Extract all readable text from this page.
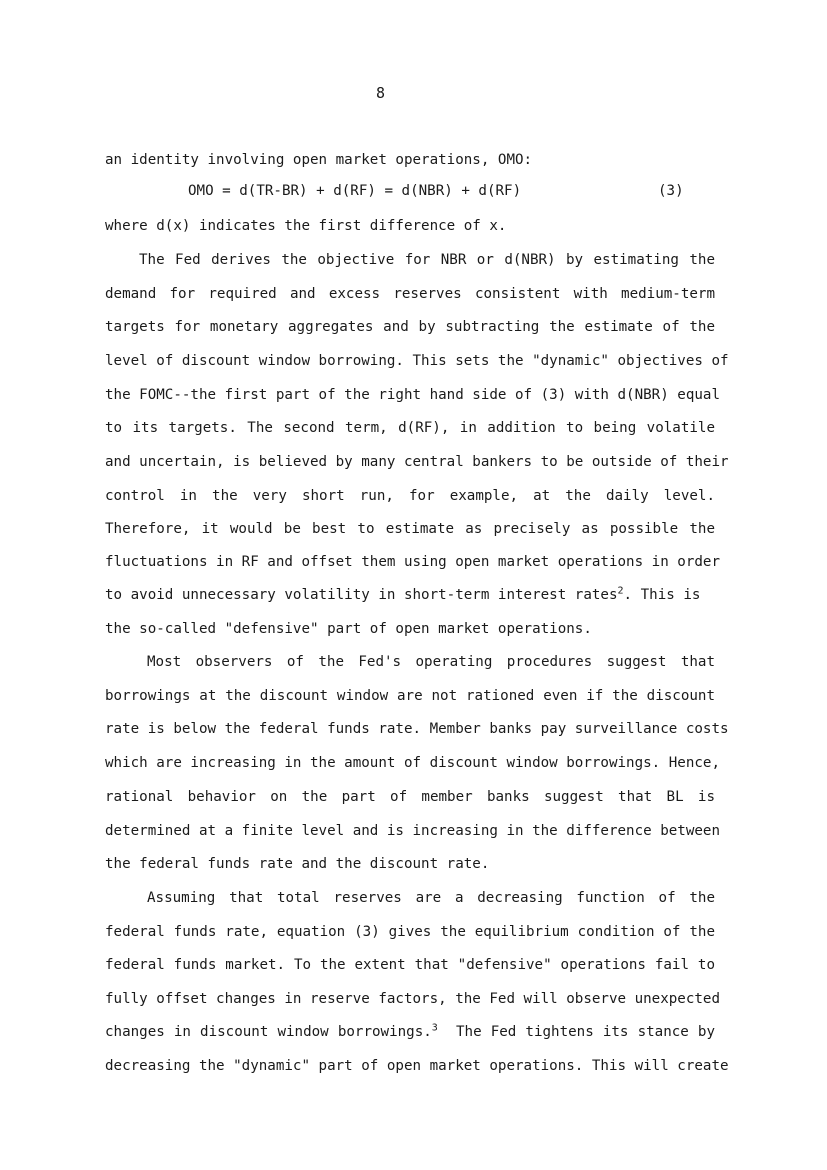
8
an identity involving open market operations, OMO:
OMO = d(TR-BR) + d(RF) = d(NBR) + d(RF)	(3)
where d(x) indicates the first difference of x.
The Fed derives the objective for NBR or d(NBR) by estimating the
demand for required and excess reserves consistent with medium-term
targets for monetary aggregates and by subtracting the estimate of the
level of discount window borrowing. This sets the "dynamic" objectives of
the FOMC--the first part of the right hand side of (3) with d(NBR) equal
to its targets. The second term, d(RF), in addition to being volatile
and uncertain, is believed by many central bankers to be outside of their
control in the very short run, for example, at the daily level.
Therefore, it would be best to estimate as precisely as possible the
fluctuations in RF and offset them using open market operations in order
to avoid unnecessary volatility in short-term interest rates$^2$. This is
the so-called "defensive" part of open market operations.
Most observers of the Fed's operating procedures suggest that
borrowings at the discount window are not rationed even if the discount
rate is below the federal funds rate. Member banks pay surveillance costs
which are increasing in the amount of discount window borrowings. Hence,
rational behavior on the part of member banks suggest that BL is
determined at a finite level and is increasing in the difference between
the federal funds rate and the discount rate.
Assuming that total reserves are a decreasing function of the
federal funds rate, equation (3) gives the equilibrium condition of the
federal funds market. To the extent that "defensive" operations fail to
fully offset changes in reserve factors, the Fed will observe unexpected
changes in discount window borrowings.$^3$ The Fed tightens its stance by
decreasing the "dynamic" part of open market operations. This will create
